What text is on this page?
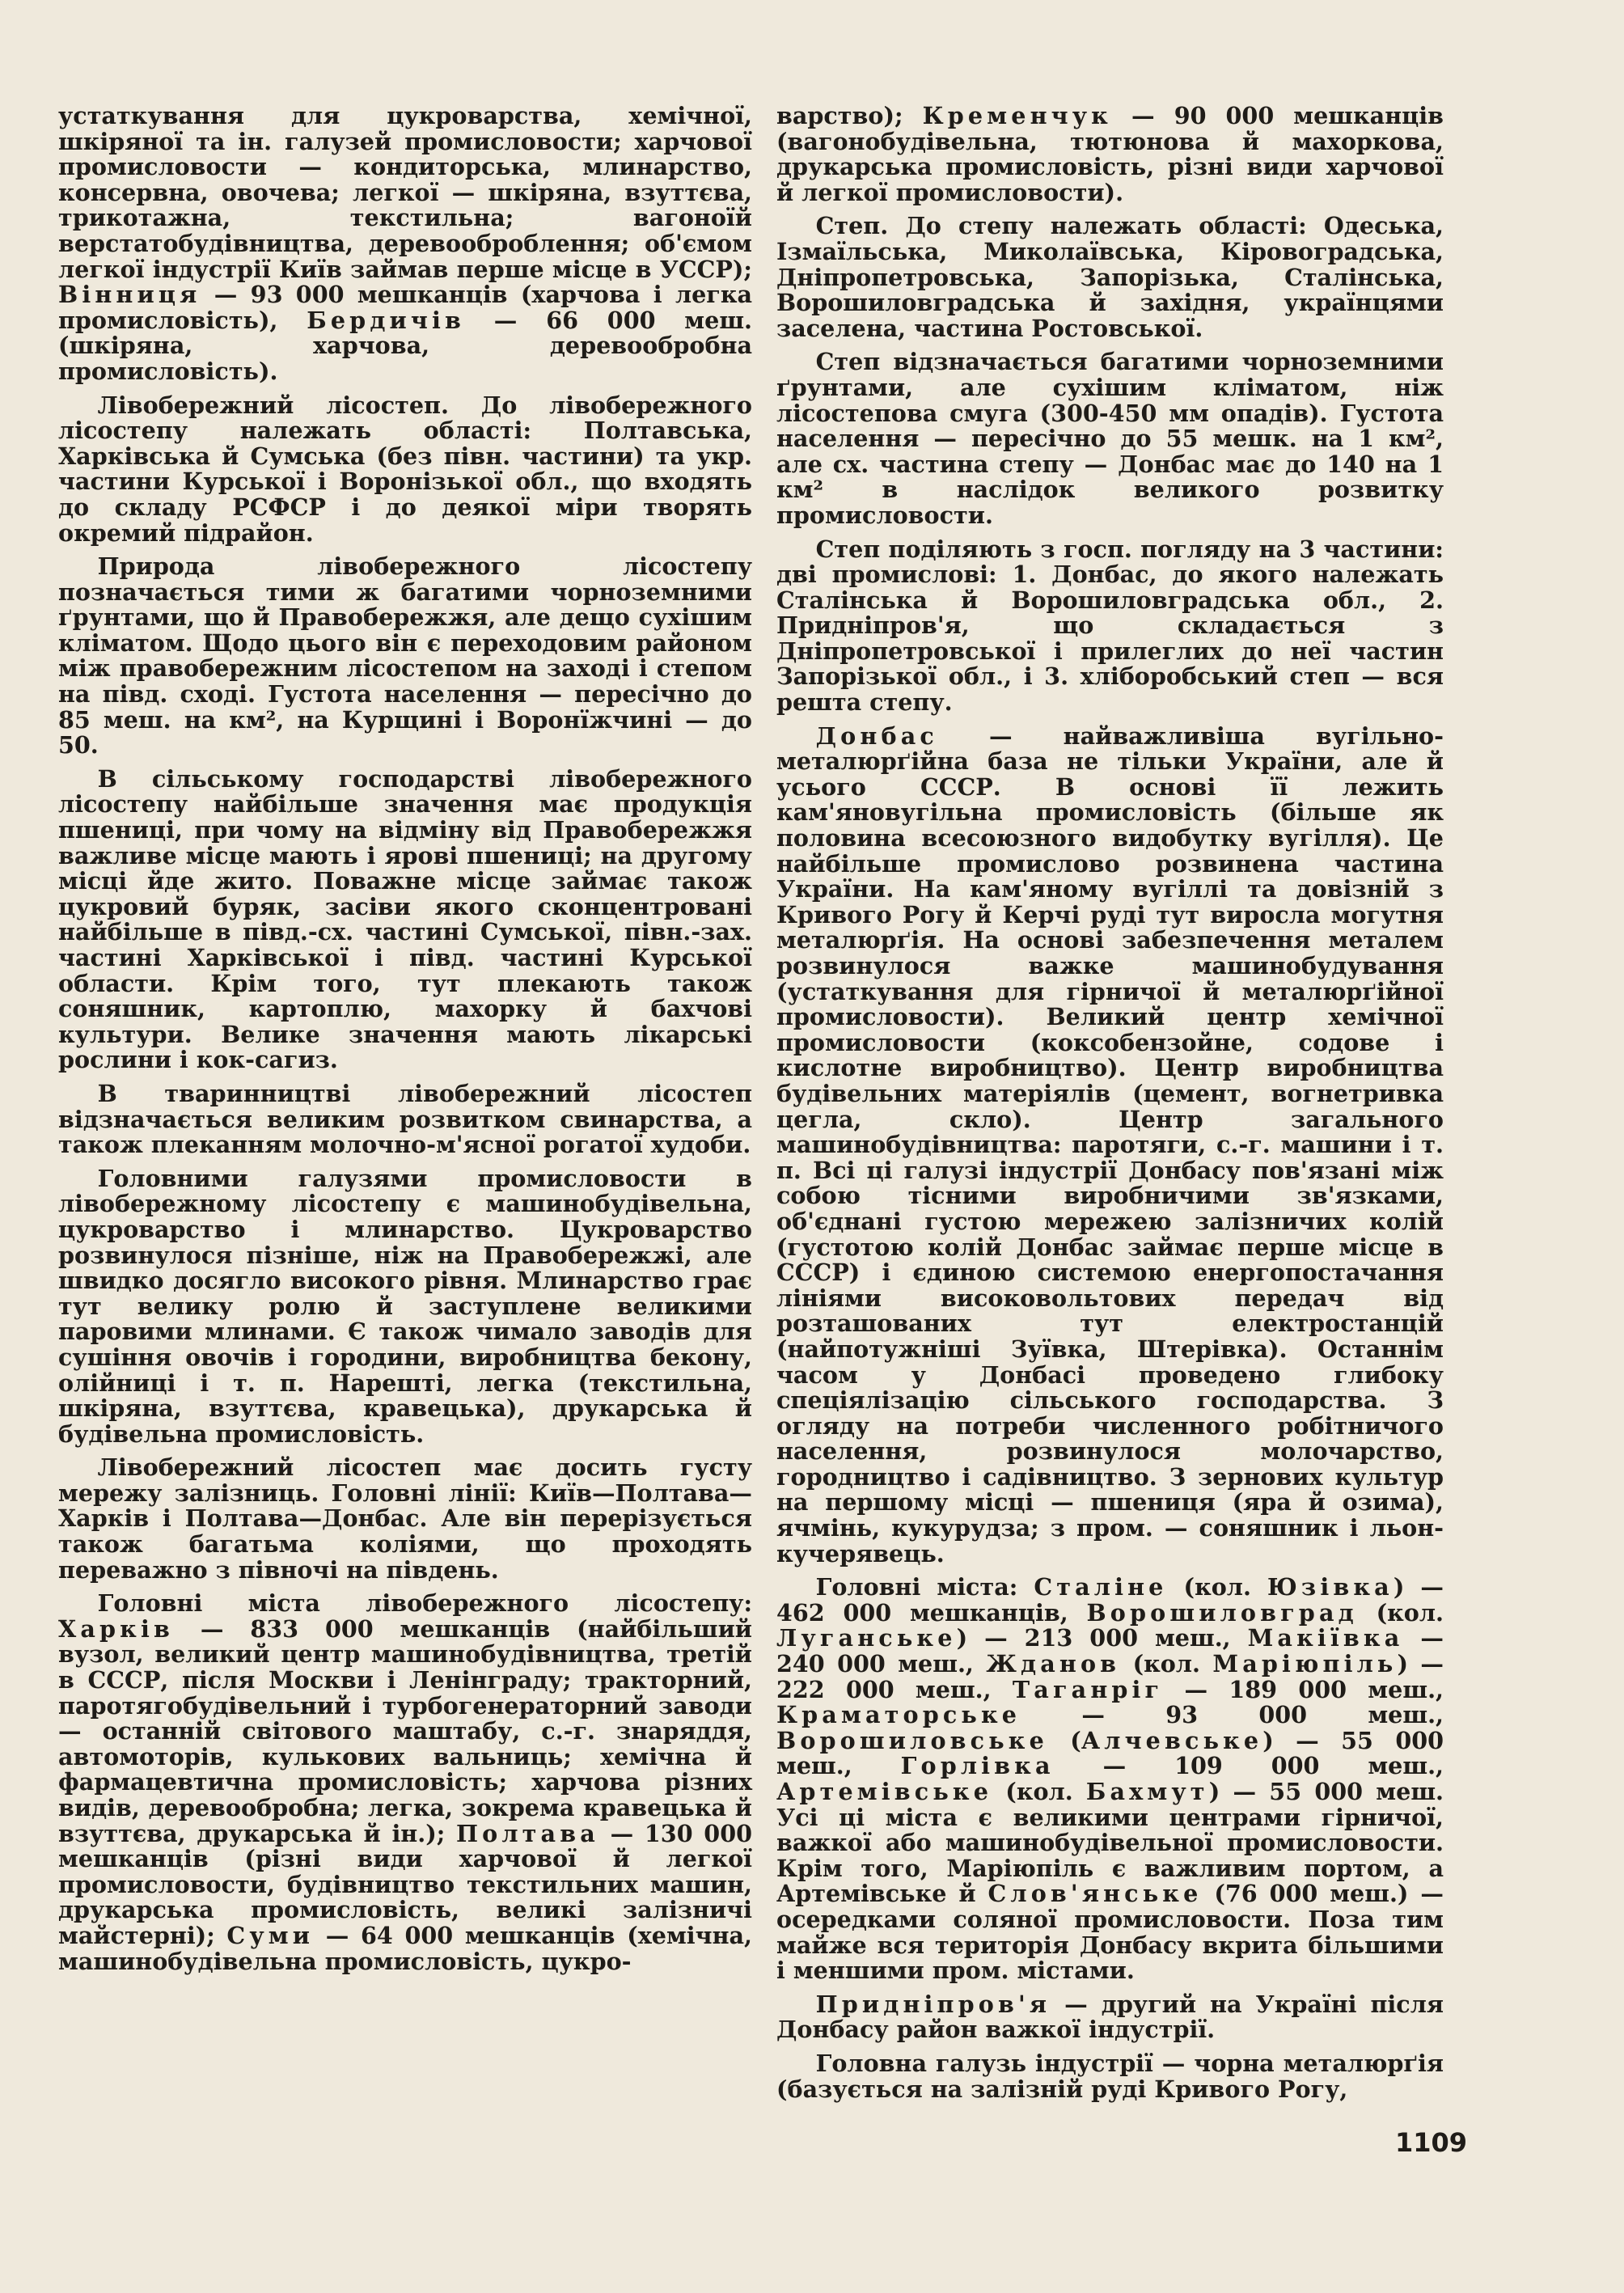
устаткування для цукроварства, хемічної, шкіряної та ін. галузей промисловости; харчової промисловости — кондиторська, млинарство, консервна, овочева; легкої — шкіряна, взуттєва, трикотажна, текстильна; вагоноїй верстатобудівництва, деревооброблення; об'ємом легкої індустрії Київ займав перше місце в УССР); Вінниця — 93 000 мешканців (харчова і легка промисловість), Бердичів — 66 000 меш. (шкіряна, харчова, деревообробна промисловість).

Лівобережний лісостеп. До лівобережного лісостепу належать області: Полтавська, Харківська й Сумська (без півн. частини) та укр. частини Курської і Воронізької обл., що входять до складу РСФСР і до деякої міри творять окремий підрайон.

Природа лівобережного лісостепу позначається тими ж багатими чорноземними ґрунтами, що й Правобережжя, але дещо сухішим кліматом. Щодо цього він є переходовим районом між правобережним лісостепом на заході і степом на півд. сході. Густота населення — пересічно до 85 меш. на км², на Курщині і Воронїжчині — до 50.

В сільському господарстві лівобережного лісостепу найбільше значення має продукція пшениці, при чому на відміну від Правобережжя важливе місце мають і ярові пшениці; на другому місці йде жито. Поважне місце займає також цукровий буряк, засіви якого сконцентровані найбільше в півд.-сх. частині Сумської, півн.-зах. частині Харківської і півд. частині Курської области. Крім того, тут плекають також соняшник, картоплю, махорку й бахчові культури. Велике значення мають лікарські рослини і кок-сагиз.

В тваринництві лівобережний лісостеп відзначається великим розвитком свинарства, а також плеканням молочно-м'ясної рогатої худоби.

Головними галузями промисловости в лівобережному лісостепу є машинобудівельна, цукроварство і млинарство. Цукроварство розвинулося пізніше, ніж на Правобережжі, але швидко досягло високого рівня. Млинарство грає тут велику ролю й заступлене великими паровими млинами. Є також чимало заводів для сушіння овочів і городини, виробництва бекону, олійниці і т. п. Нарешті, легка (текстильна, шкіряна, взуттєва, кравецька), друкарська й будівельна промисловість.

Лівобережний лісостеп має досить густу мережу залізниць. Головні лінії: Київ—Полтава—Харків і Полтава—Донбас. Але він перерізується також багатьма коліями, що проходять переважно з півночі на південь.

Головні міста лівобережного лісостепу: Харків — 833 000 мешканців (найбільший вузол, великий центр машинобудівництва, третій в СССР, після Москви і Ленінграду; тракторний, паротягобудівельний і турбогенераторний заводи — останній світового маштабу, с.-г. знаряддя, автомоторів, кулькових вальниць; хемічна й фармацевтична промисловість; харчова різних видів, деревообробна; легка, зокрема кравецька й взуттєва, друкарська й ін.); Полтава — 130 000 мешканців (різні види харчової й легкої промисловости, будівництво текстильних машин, друкарська промисловість, великі залізничі майстерні); Суми — 64 000 мешканців (хемічна, машинобудівельна промисловість, цукро-

варство); Кременчук — 90 000 мешканців (вагонобудівельна, тютюнова й махоркова, друкарська промисловість, різні види харчової й легкої промисловости).

Степ. До степу належать області: Одеська, Ізмаїльська, Миколаївська, Кіровоградська, Дніпропетровська, Запорізька, Сталінська, Ворошиловградська й західня, українцями заселена, частина Ростовської.

Степ відзначається багатими чорноземними ґрунтами, але сухішим кліматом, ніж лісостепова смуга (300-450 мм опадів). Густота населення — пересічно до 55 мешк. на 1 км², але сх. частина степу — Донбас має до 140 на 1 км² в наслідок великого розвитку промисловости.

Степ поділяють з госп. погляду на 3 частини: дві промислові: 1. Донбас, до якого належать Сталінська й Ворошиловградська обл., 2. Придніпров'я, що складається з Дніпропетровської і прилеглих до неї частин Запорізької обл., і 3. хліборобський степ — вся решта степу.

Донбас — найважливіша вугільно-металюрґійна база не тільки України, але й усього СССР. В основі її лежить кам'яновугільна промисловість (більше як половина всесоюзного видобутку вугілля). Це найбільше промислово розвинена частина України. На кам'яному вугіллі та довізній з Кривого Рогу й Керчі руді тут виросла могутня металюрґія. На основі забезпечення металем розвинулося важке машинобудування (устаткування для гірничої й металюрґійної промисловости). Великий центр хемічної промисловости (коксобензойне, содове і кислотне виробництво). Центр виробництва будівельних матеріялів (цемент, вогнетривка цегла, скло). Центр загального машинобудівництва: паротяги, с.-г. машини і т. п. Всі ці галузі індустрії Донбасу пов'язані між собою тісними виробничими зв'язками, об'єднані густою мережею залізничих колій (густотою колій Донбас займає перше місце в СССР) і єдиною системою енергопостачання лініями високовольтових передач від розташованих тут електростанцій (найпотужніші Зуївка, Штерівка). Останнім часом у Донбасі проведено глибоку спеціялізацію сільського господарства. З огляду на потреби численного робітничого населення, розвинулося молочарство, городництво і садівництво. З зернових культур на першому місці — пшениця (яра й озима), ячмінь, кукурудза; з пром. — соняшник і льон-кучерявець.

Головні міста: Сталіне (кол. Юзівка) — 462 000 мешканців, Ворошиловград (кол. Луганське) — 213 000 меш., Макіївка — 240 000 меш., Жданов (кол. Маріюпіль) — 222 000 меш., Таганріг — 189 000 меш., Краматорське — 93 000 меш., Ворошиловське (Алчевське) — 55 000 меш., Горлівка — 109 000 меш., Артемівське (кол. Бахмут) — 55 000 меш. Усі ці міста є великими центрами гірничої, важкої або машинобудівельної промисловости. Крім того, Маріюпіль є важливим портом, а Артемівське й Слов'янське (76 000 меш.) — осередками соляної промисловости. Поза тим майже вся територія Донбасу вкрита більшими і меншими пром. містами.

Придніпров'я — другий на Україні після Донбасу район важкої індустрії.

Головна галузь індустрії — чорна металюрґія (базується на залізній руді Кривого Рогу,

1109
